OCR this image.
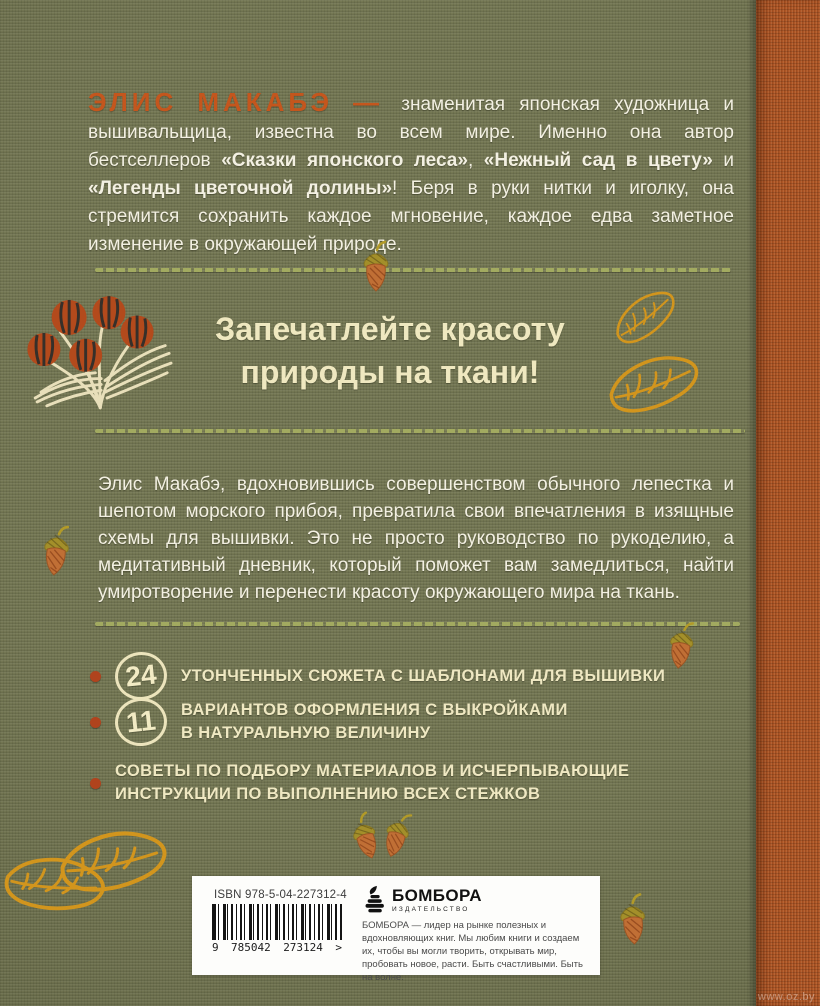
ЭЛИС МАКАБЭ — знаменитая японская художница и вышивальщица, известна во всем мире. Именно она автор бестселлеров «Сказки японского леса», «Нежный сад в цвету» и «Легенды цветочной долины»! Беря в руки нитки и иголку, она стремится сохранить каждое мгновение, каждое едва заметное изменение в окружающей природе.

Запечатлейте красоту
природы на ткани!

Элис Макабэ, вдохновившись совершенством обычного лепестка и шепотом морского прибоя, превратила свои впечатления в изящные схемы для вышивки. Это не просто руководство по рукоделию, а медитативный дневник, который поможет вам замедлиться, найти умиротворение и перенести красоту окружающего мира на ткань.

24	УТОНЧЕННЫХ СЮЖЕТА С ШАБЛОНАМИ ДЛЯ ВЫШИВКИ
11	ВАРИАНТОВ ОФОРМЛЕНИЯ С ВЫКРОЙКАМИ
В НАТУРАЛЬНУЮ ВЕЛИЧИНУ
СОВЕТЫ ПО ПОДБОРУ МАТЕРИАЛОВ И ИСЧЕРПЫВАЮЩИЕ
ИНСТРУКЦИИ ПО ВЫПОЛНЕНИЮ ВСЕХ СТЕЖКОВ
ISBN 978-5-04-227312-4
9 785042 273124 >
БОМБОРА
ИЗДАТЕЛЬСТВО
БОМБОРА — лидер на рынке полезных и вдохновляющих книг. Мы любим книги и создаем их, чтобы вы могли творить, открывать мир, пробовать новое, расти. Быть счастливыми. Быть на волне.
www.oz.by
